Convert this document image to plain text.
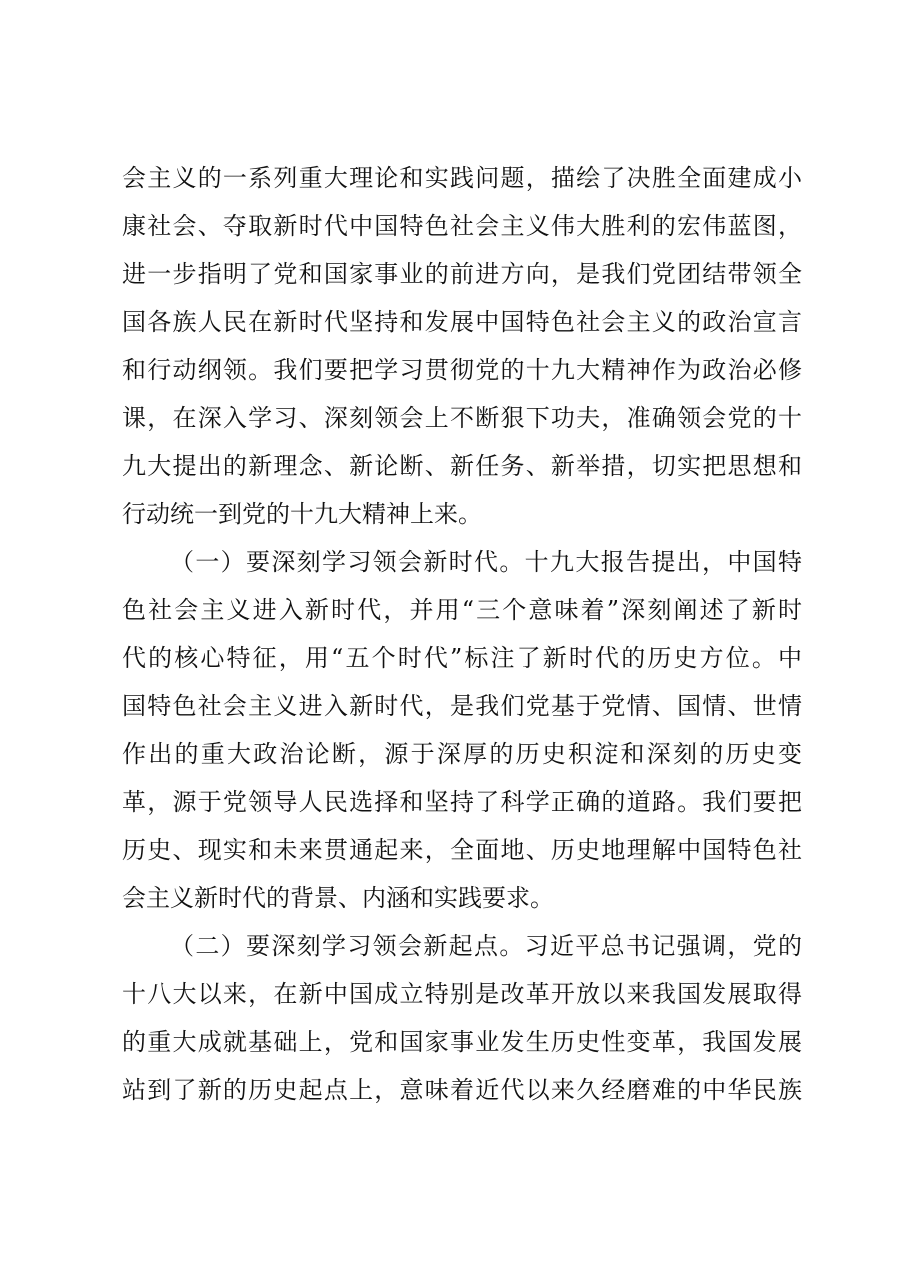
会主义的一系列重大理论和实践问题，描绘了决胜全面建成小
康社会、夺取新时代中国特色社会主义伟大胜利的宏伟蓝图，
进一步指明了党和国家事业的前进方向，是我们党团结带领全
国各族人民在新时代坚持和发展中国特色社会主义的政治宣言
和行动纲领。我们要把学习贯彻党的十九大精神作为政治必修
课，在深入学习、深刻领会上不断狠下功夫，准确领会党的十
九大提出的新理念、新论断、新任务、新举措，切实把思想和
行动统一到党的十九大精神上来。
（一）要深刻学习领会新时代。十九大报告提出，中国特
色社会主义进入新时代，并用“三个意味着”深刻阐述了新时
代的核心特征，用“五个时代”标注了新时代的历史方位。中
国特色社会主义进入新时代，是我们党基于党情、国情、世情
作出的重大政治论断，源于深厚的历史积淀和深刻的历史变
革，源于党领导人民选择和坚持了科学正确的道路。我们要把
历史、现实和未来贯通起来，全面地、历史地理解中国特色社
会主义新时代的背景、内涵和实践要求。
（二）要深刻学习领会新起点。习近平总书记强调，党的
十八大以来，在新中国成立特别是改革开放以来我国发展取得
的重大成就基础上，党和国家事业发生历史性变革，我国发展
站到了新的历史起点上，意味着近代以来久经磨难的中华民族
